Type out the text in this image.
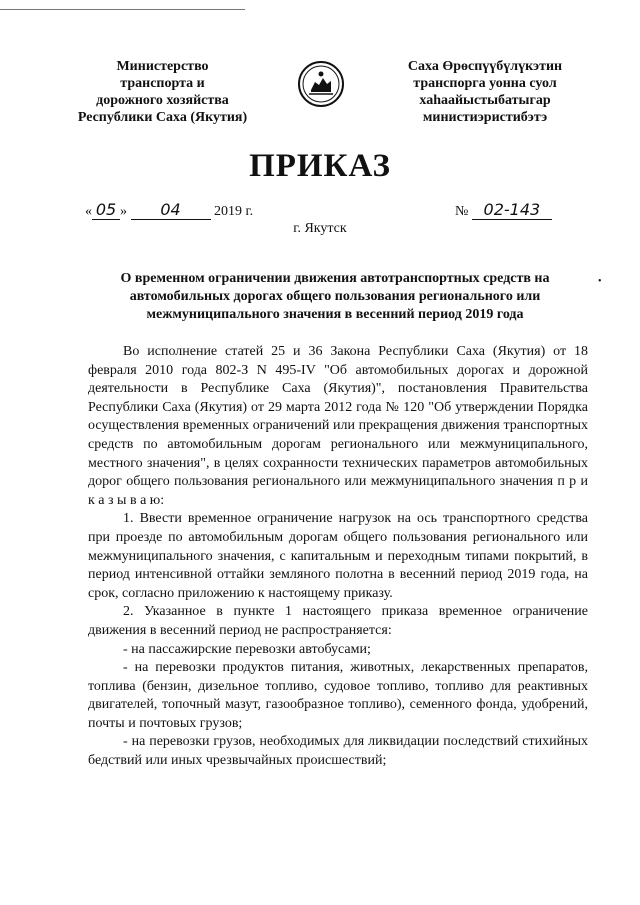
Министерство
транспорта и
дорожного хозяйства
Республики Саха (Якутия)
Саха Өрөспүүбүлүкэтин
транспорга уонна суол
хаһаайыстыбатыгар
министиэристибэтэ
ПРИКАЗ
« 05 » 04 2019 г.	№ 02-143
г. Якутск
О временном ограничении движения автотранспортных средств на автомобильных дорогах общего пользования регионального или межмуниципального значения в весенний период 2019 года
•

Во исполнение статей 25 и 36 Закона Республики Саха (Якутия) от 18 февраля 2010 года 802-З N 495-IV "Об автомобильных дорогах и дорожной деятельности в Республике Саха (Якутия)", постановления Правительства Республики Саха (Якутия) от 29 марта 2012 года № 120 "Об утверждении Порядка осуществления временных ограничений или прекращения движения транспортных средств по автомобильным дорогам регионального или межмуниципального, местного значения", в целях сохранности технических параметров автомобильных дорог общего пользования регионального или межмуниципального значения п р и к а з ы в а ю:

1. Ввести временное ограничение нагрузок на ось транспортного средства при проезде по автомобильным дорогам общего пользования регионального или межмуниципального значения, с капитальным и переходным типами покрытий, в период интенсивной оттайки земляного полотна в весенний период 2019 года, на срок, согласно приложению к настоящему приказу.

2. Указанное в пункте 1 настоящего приказа временное ограничение движения в весенний период не распространяется:

- на пассажирские перевозки автобусами;

- на перевозки продуктов питания, животных, лекарственных препаратов, топлива (бензин, дизельное топливо, судовое топливо, топливо для реактивных двигателей, топочный мазут, газообразное топливо), семенного фонда, удобрений, почты и почтовых грузов;

- на перевозки грузов, необходимых для ликвидации последствий стихийных бедствий или иных чрезвычайных происшествий;
